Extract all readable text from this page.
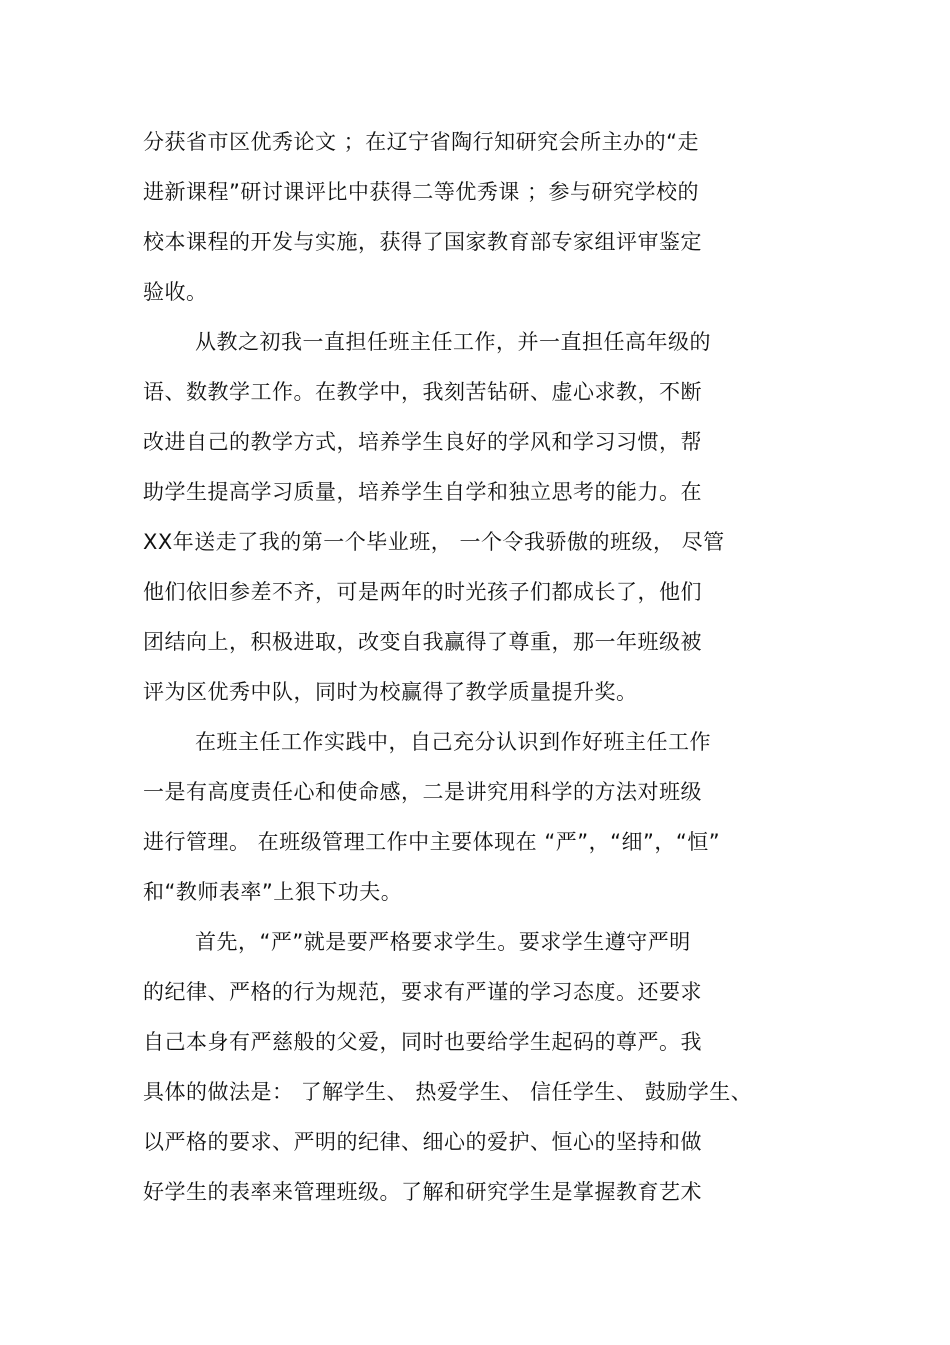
分获省市区优秀论文 ；在辽宁省陶行知研究会所主办的“走
进新课程”研讨课评比中获得二等优秀课 ；参与研究学校的
校本课程的开发与实施，获得了国家教育部专家组评审鉴定
验收。
从教之初我一直担任班主任工作，并一直担任高年级的
语、数教学工作。在教学中，我刻苦钻研、虚心求教，不断
改进自己的教学方式，培养学生良好的学风和学习习惯，帮
助学生提高学习质量，培养学生自学和独立思考的能力。在
XX年送走了我的第一个毕业班， 一个令我骄傲的班级， 尽管
他们依旧参差不齐，可是两年的时光孩子们都成长了，他们
团结向上，积极进取，改变自我赢得了尊重，那一年班级被
评为区优秀中队，同时为校赢得了教学质量提升奖。
在班主任工作实践中，自己充分认识到作好班主任工作
一是有高度责任心和使命感，二是讲究用科学的方法对班级
进行管理。 在班级管理工作中主要体现在 “严”，“细”，“恒”
和“教师表率”上狠下功夫。
首先，“严”就是要严格要求学生。要求学生遵守严明
的纪律、严格的行为规范，要求有严谨的学习态度。还要求
自己本身有严慈般的父爱，同时也要给学生起码的尊严。我
具体的做法是： 了解学生、 热爱学生、 信任学生、 鼓励学生、
以严格的要求、严明的纪律、细心的爱护、恒心的坚持和做
好学生的表率来管理班级。了解和研究学生是掌握教育艺术
